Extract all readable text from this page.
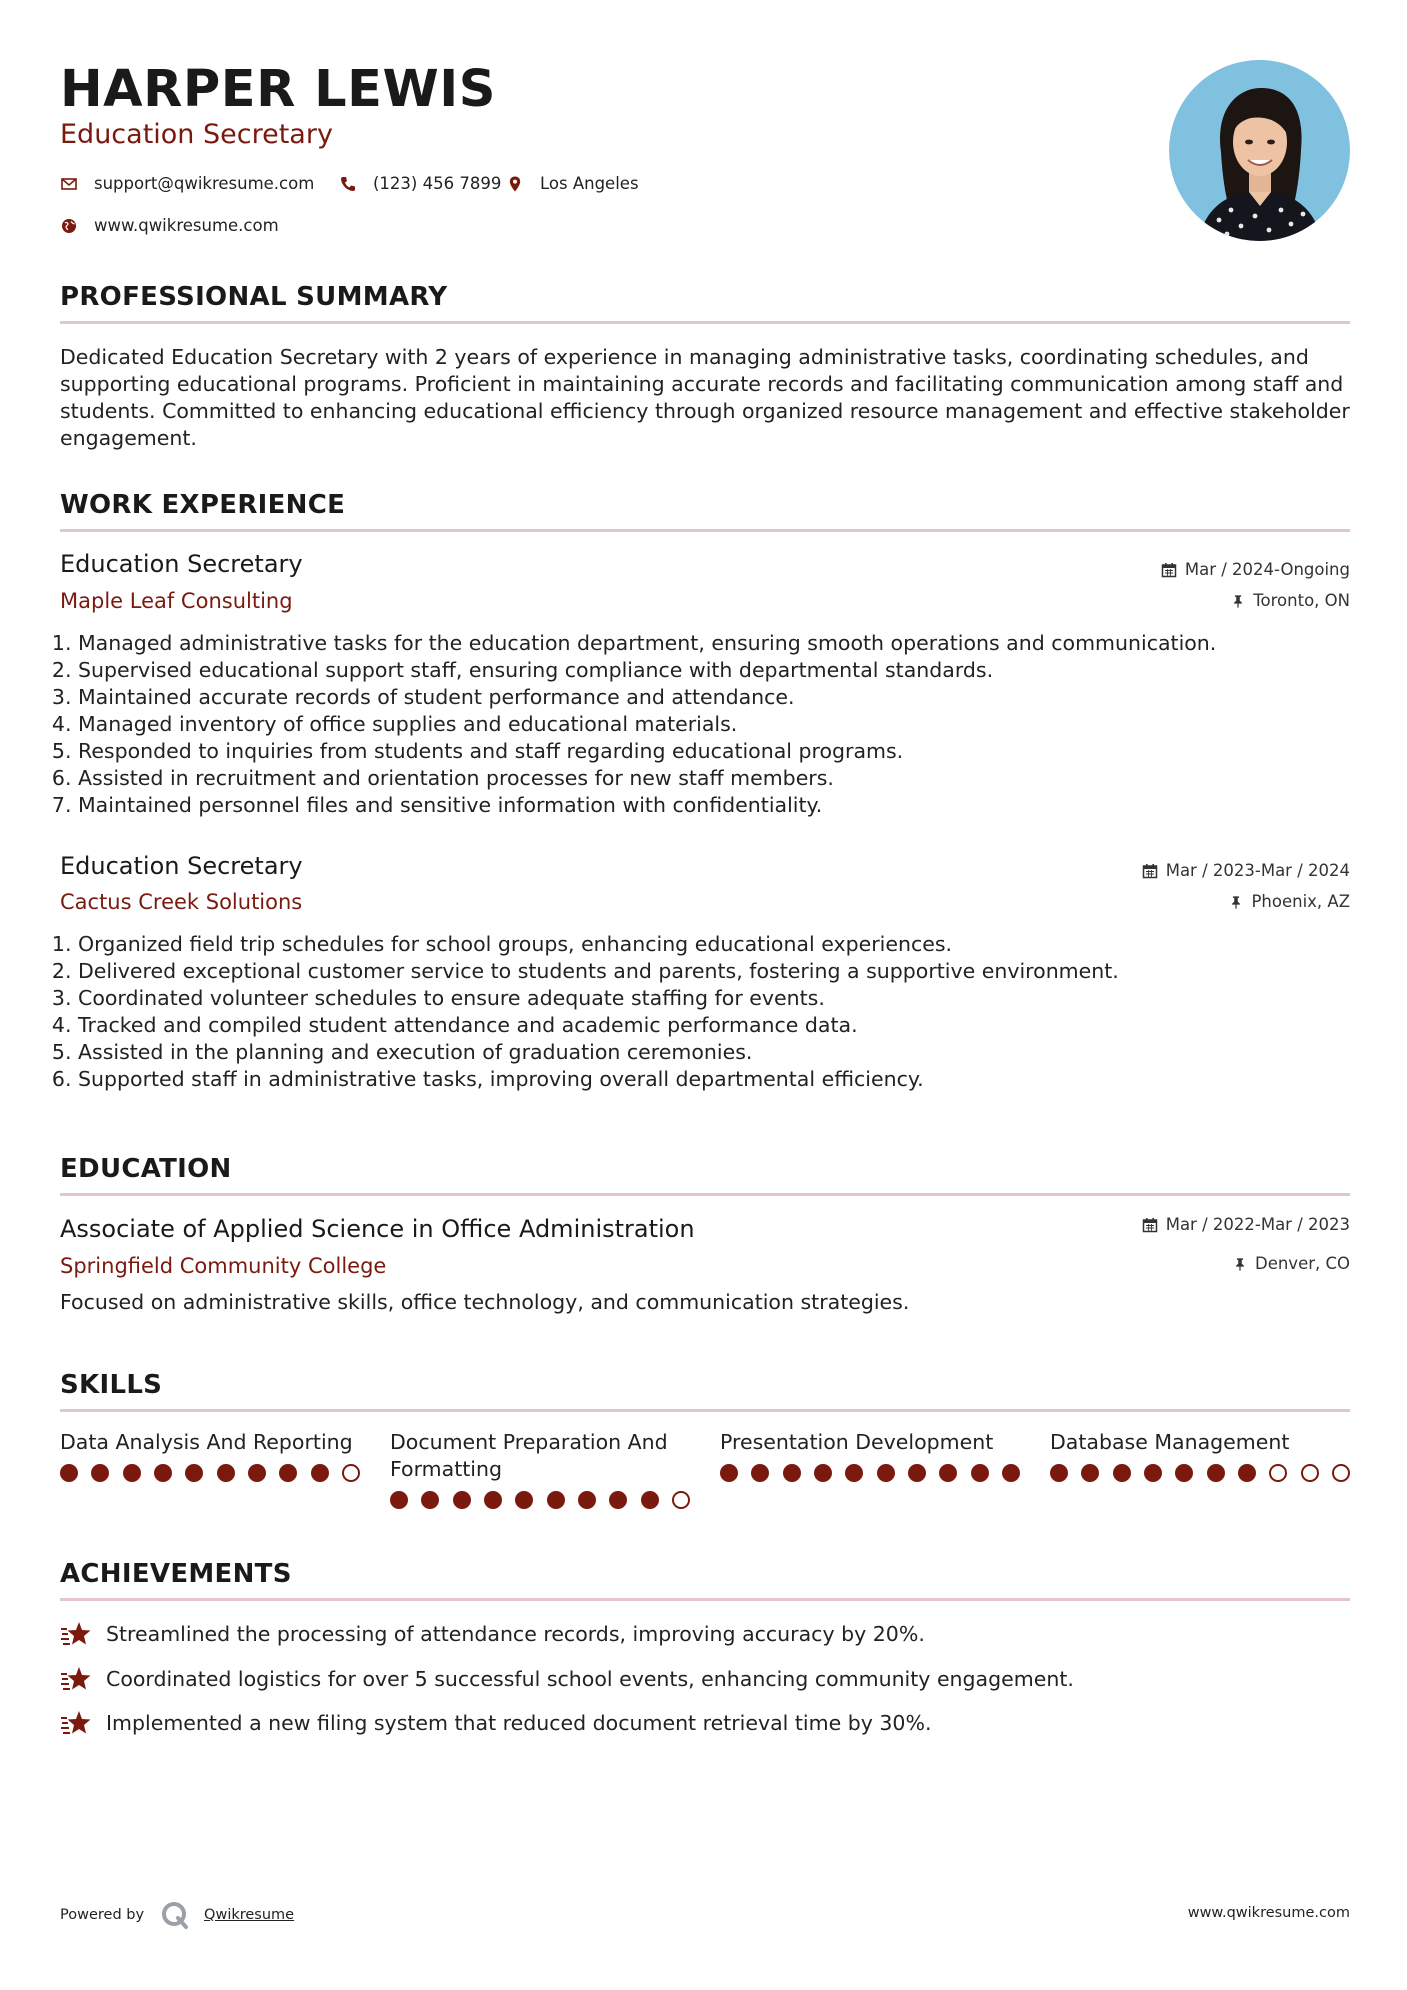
HARPER LEWIS
Education Secretary
support@qwikresume.com	(123) 456 7899 Los Angeles
www.qwikresume.com
PROFESSIONAL SUMMARY
Dedicated Education Secretary with 2 years of experience in managing administrative tasks, coordinating schedules, and supporting educational programs. Proficient in maintaining accurate records and facilitating communication among staff and students. Committed to enhancing educational efficiency through organized resource management and effective stakeholder engagement.
WORK EXPERIENCE
Education Secretary
Maple Leaf Consulting
Mar / 2024-Ongoing
Toronto, ON
1. Managed administrative tasks for the education department, ensuring smooth operations and communication.
2. Supervised educational support staff, ensuring compliance with departmental standards.
3. Maintained accurate records of student performance and attendance.
4. Managed inventory of office supplies and educational materials.
5. Responded to inquiries from students and staff regarding educational programs.
6. Assisted in recruitment and orientation processes for new staff members.
7. Maintained personnel files and sensitive information with confidentiality.
Education Secretary
Cactus Creek Solutions
Mar / 2023-Mar / 2024
Phoenix, AZ
1. Organized field trip schedules for school groups, enhancing educational experiences.
2. Delivered exceptional customer service to students and parents, fostering a supportive environment.
3. Coordinated volunteer schedules to ensure adequate staffing for events.
4. Tracked and compiled student attendance and academic performance data.
5. Assisted in the planning and execution of graduation ceremonies.
6. Supported staff in administrative tasks, improving overall departmental efficiency.
EDUCATION
Associate of Applied Science in Office Administration
Springfield Community College
Mar / 2022-Mar / 2023
Denver, CO
Focused on administrative skills, office technology, and communication strategies.
SKILLS
Data Analysis And Reporting	Document Preparation And Formatting
Presentation Development	Database Management
ACHIEVEMENTS
Streamlined the processing of attendance records, improving accuracy by 20%.
Coordinated logistics for over 5 successful school events, enhancing community engagement.
Implemented a new filing system that reduced document retrieval time by 30%.
Powered by	Qwikresume	www.qwikresume.com
